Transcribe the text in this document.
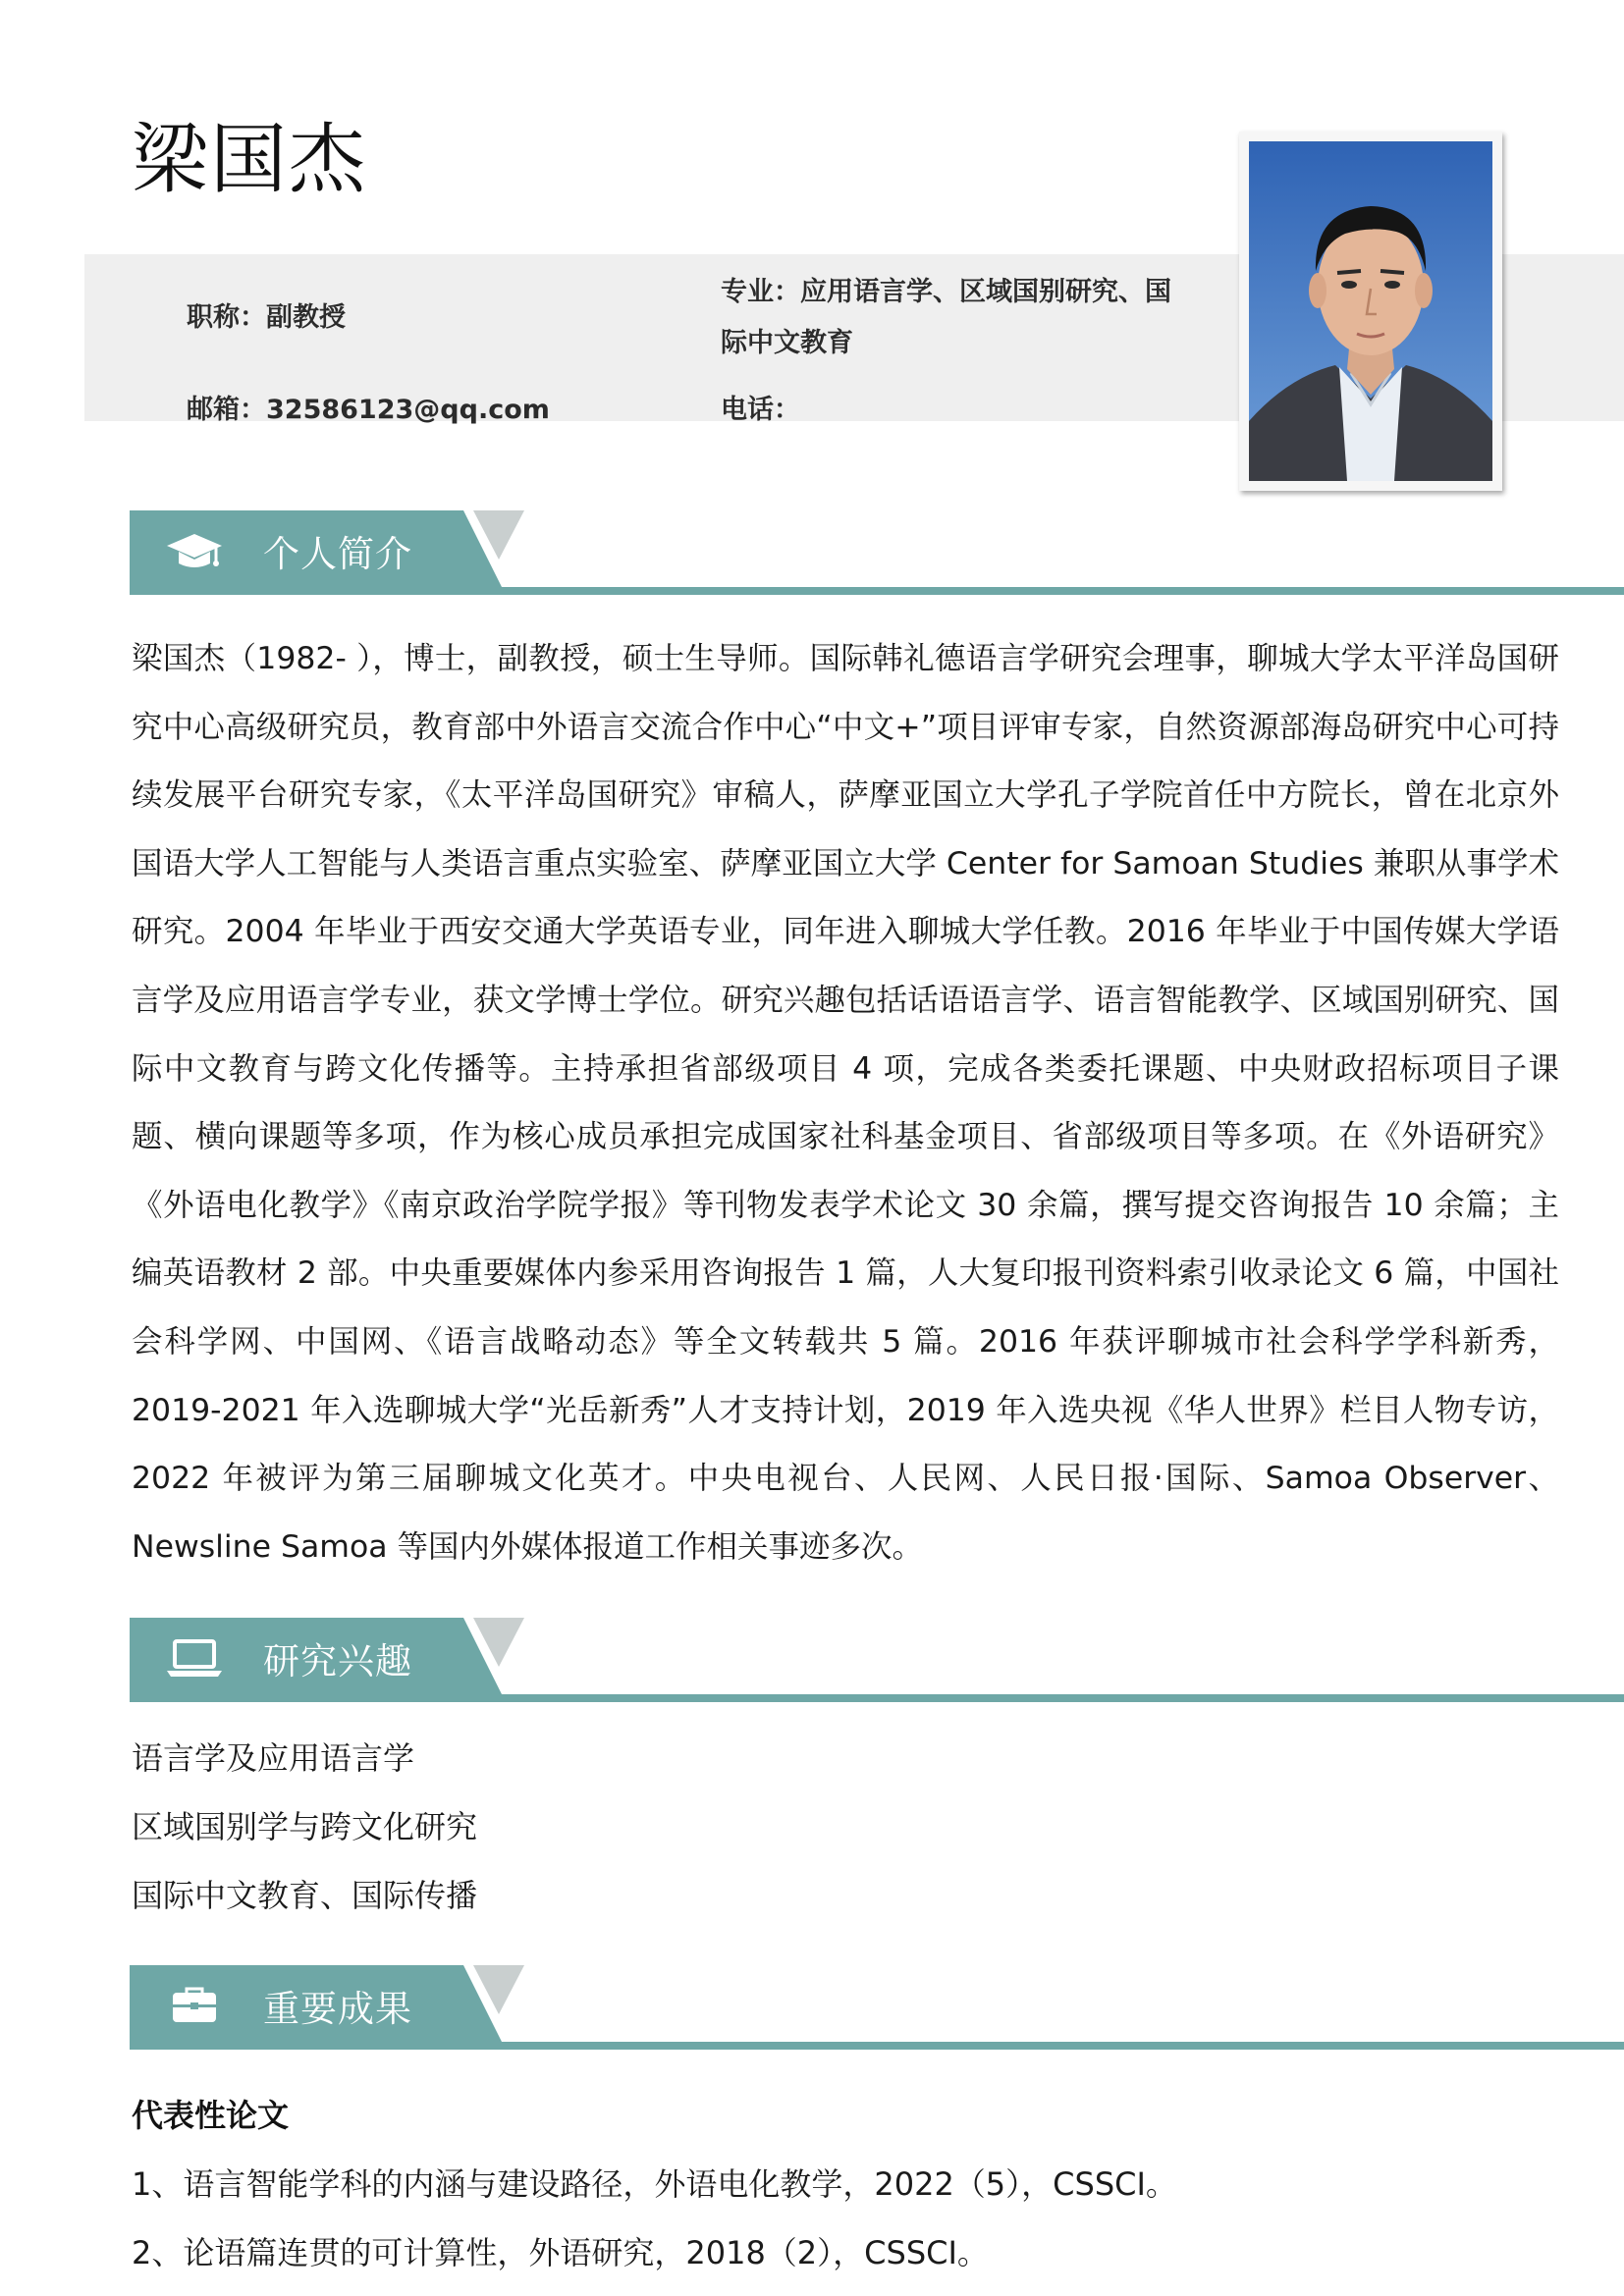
梁国杰
职称：副教授
专业：应用语言学、区域国别研究、国
际中文教育
邮箱：32586123@qq.com	电话：
个人简介
梁国杰（1982- ），博士，副教授，硕士生导师。国际韩礼德语言学研究会理事，聊城大学太平洋岛国研究中心高级研究员，教育部中外语言交流合作中心“中文+”项目评审专家，自然资源部海岛研究中心可持续发展平台研究专家，《太平洋岛国研究》审稿人，萨摩亚国立大学孔子学院首任中方院长，曾在北京外国语大学人工智能与人类语言重点实验室、萨摩亚国立大学 Center for Samoan Studies 兼职从事学术研究。2004 年毕业于西安交通大学英语专业，同年进入聊城大学任教。2016 年毕业于中国传媒大学语言学及应用语言学专业，获文学博士学位。研究兴趣包括话语语言学、语言智能教学、区域国别研究、国际中文教育与跨文化传播等。主持承担省部级项目 4 项，完成各类委托课题、中央财政招标项目子课题、横向课题等多项，作为核心成员承担完成国家社科基金项目、省部级项目等多项。在《外语研究》《外语电化教学》《南京政治学院学报》等刊物发表学术论文 30 余篇，撰写提交咨询报告 10 余篇；主编英语教材 2 部。中央重要媒体内参采用咨询报告 1 篇，人大复印报刊资料索引收录论文 6 篇，中国社会科学网、中国网、《语言战略动态》等全文转载共 5 篇。2016 年获评聊城市社会科学学科新秀，2019-2021 年入选聊城大学“光岳新秀”人才支持计划，2019 年入选央视《华人世界》栏目人物专访，2022 年被评为第三届聊城文化英才。中央电视台、人民网、人民日报·国际、Samoa Observer、Newsline Samoa 等国内外媒体报道工作相关事迹多次。
研究兴趣
语言学及应用语言学
区域国别学与跨文化研究
国际中文教育、国际传播
重要成果
代表性论文
1、语言智能学科的内涵与建设路径，外语电化教学，2022（5），CSSCI。
2、论语篇连贯的可计算性，外语研究，2018（2），CSSCI。
